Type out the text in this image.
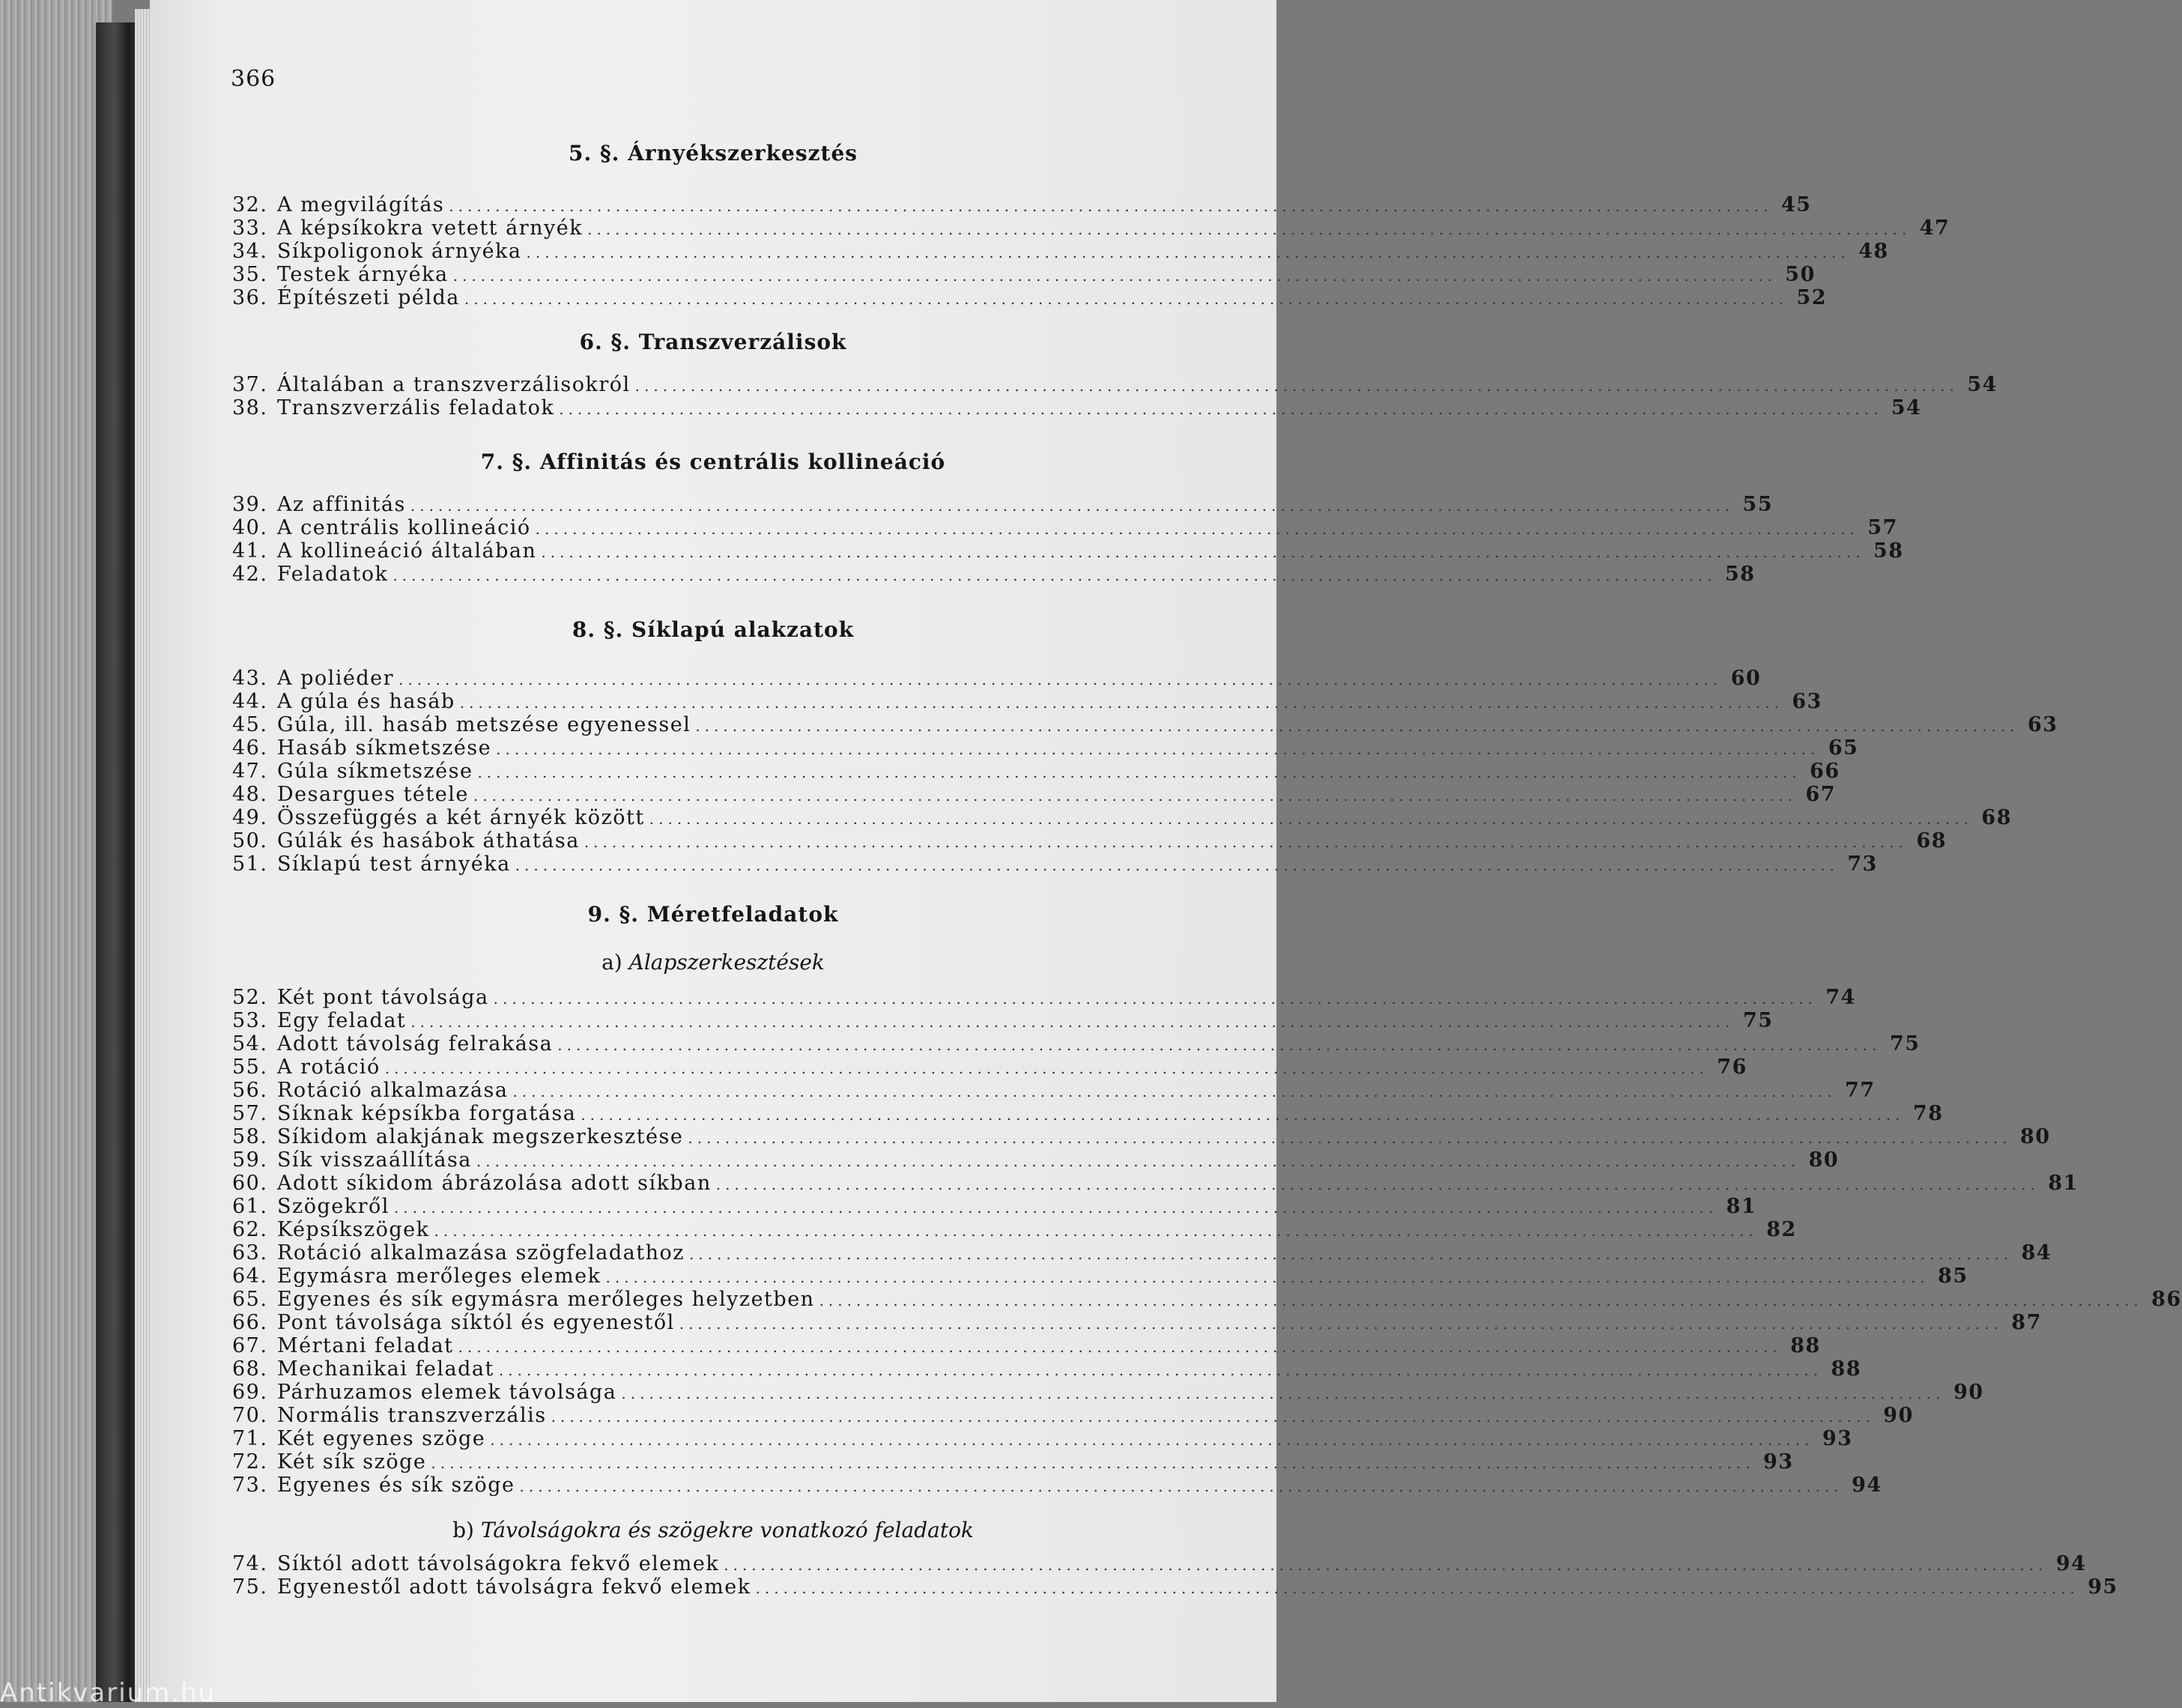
366
5. §. Árnyékszerkesztés
32. A megvilágítás ............................................................................................................................................... 45
33. A képsíkokra vetett árnyék ............................................................................................................................................... 47
34. Síkpoligonok árnyéka ............................................................................................................................................... 48
35. Testek árnyéka ............................................................................................................................................... 50
36. Építészeti példa ............................................................................................................................................... 52
6. §. Transzverzálisok
37. Általában a transzverzálisokról ............................................................................................................................................... 54
38. Transzverzális feladatok ............................................................................................................................................... 54
7. §. Affinitás és centrális kollineáció
39. Az affinitás ............................................................................................................................................... 55
40. A centrális kollineáció ............................................................................................................................................... 57
41. A kollineáció általában ............................................................................................................................................... 58
42. Feladatok ............................................................................................................................................... 58
8. §. Síklapú alakzatok
43. A poliéder ............................................................................................................................................... 60
44. A gúla és hasáb ............................................................................................................................................... 63
45. Gúla, ill. hasáb metszése egyenessel ............................................................................................................................................... 63
46. Hasáb síkmetszése ............................................................................................................................................... 65
47. Gúla síkmetszése ............................................................................................................................................... 66
48. Desargues tétele ............................................................................................................................................... 67
49. Összefüggés a két árnyék között ............................................................................................................................................... 68
50. Gúlák és hasábok áthatása ............................................................................................................................................... 68
51. Síklapú test árnyéka ............................................................................................................................................... 73
9. §. Méretfeladatok
a) Alapszerkesztések
52. Két pont távolsága ............................................................................................................................................... 74
53. Egy feladat ............................................................................................................................................... 75
54. Adott távolság felrakása ............................................................................................................................................... 75
55. A rotáció ............................................................................................................................................... 76
56. Rotáció alkalmazása ............................................................................................................................................... 77
57. Síknak képsíkba forgatása ............................................................................................................................................... 78
58. Síkidom alakjának megszerkesztése ............................................................................................................................................... 80
59. Sík visszaállítása ............................................................................................................................................... 80
60. Adott síkidom ábrázolása adott síkban ............................................................................................................................................... 81
61. Szögekről ............................................................................................................................................... 81
62. Képsíkszögek ............................................................................................................................................... 82
63. Rotáció alkalmazása szögfeladathoz ............................................................................................................................................... 84
64. Egymásra merőleges elemek ............................................................................................................................................... 85
65. Egyenes és sík egymásra merőleges helyzetben ............................................................................................................................................... 86
66. Pont távolsága síktól és egyenestől ............................................................................................................................................... 87
67. Mértani feladat ............................................................................................................................................... 88
68. Mechanikai feladat ............................................................................................................................................... 88
69. Párhuzamos elemek távolsága ............................................................................................................................................... 90
70. Normális transzverzális ............................................................................................................................................... 90
71. Két egyenes szöge ............................................................................................................................................... 93
72. Két sík szöge ............................................................................................................................................... 93
73. Egyenes és sík szöge ............................................................................................................................................... 94
b) Távolságokra és szögekre vonatkozó feladatok
74. Síktól adott távolságokra fekvő elemek ............................................................................................................................................... 94
75. Egyenestől adott távolságra fekvő elemek ............................................................................................................................................... 95
Antikvarium.hu
